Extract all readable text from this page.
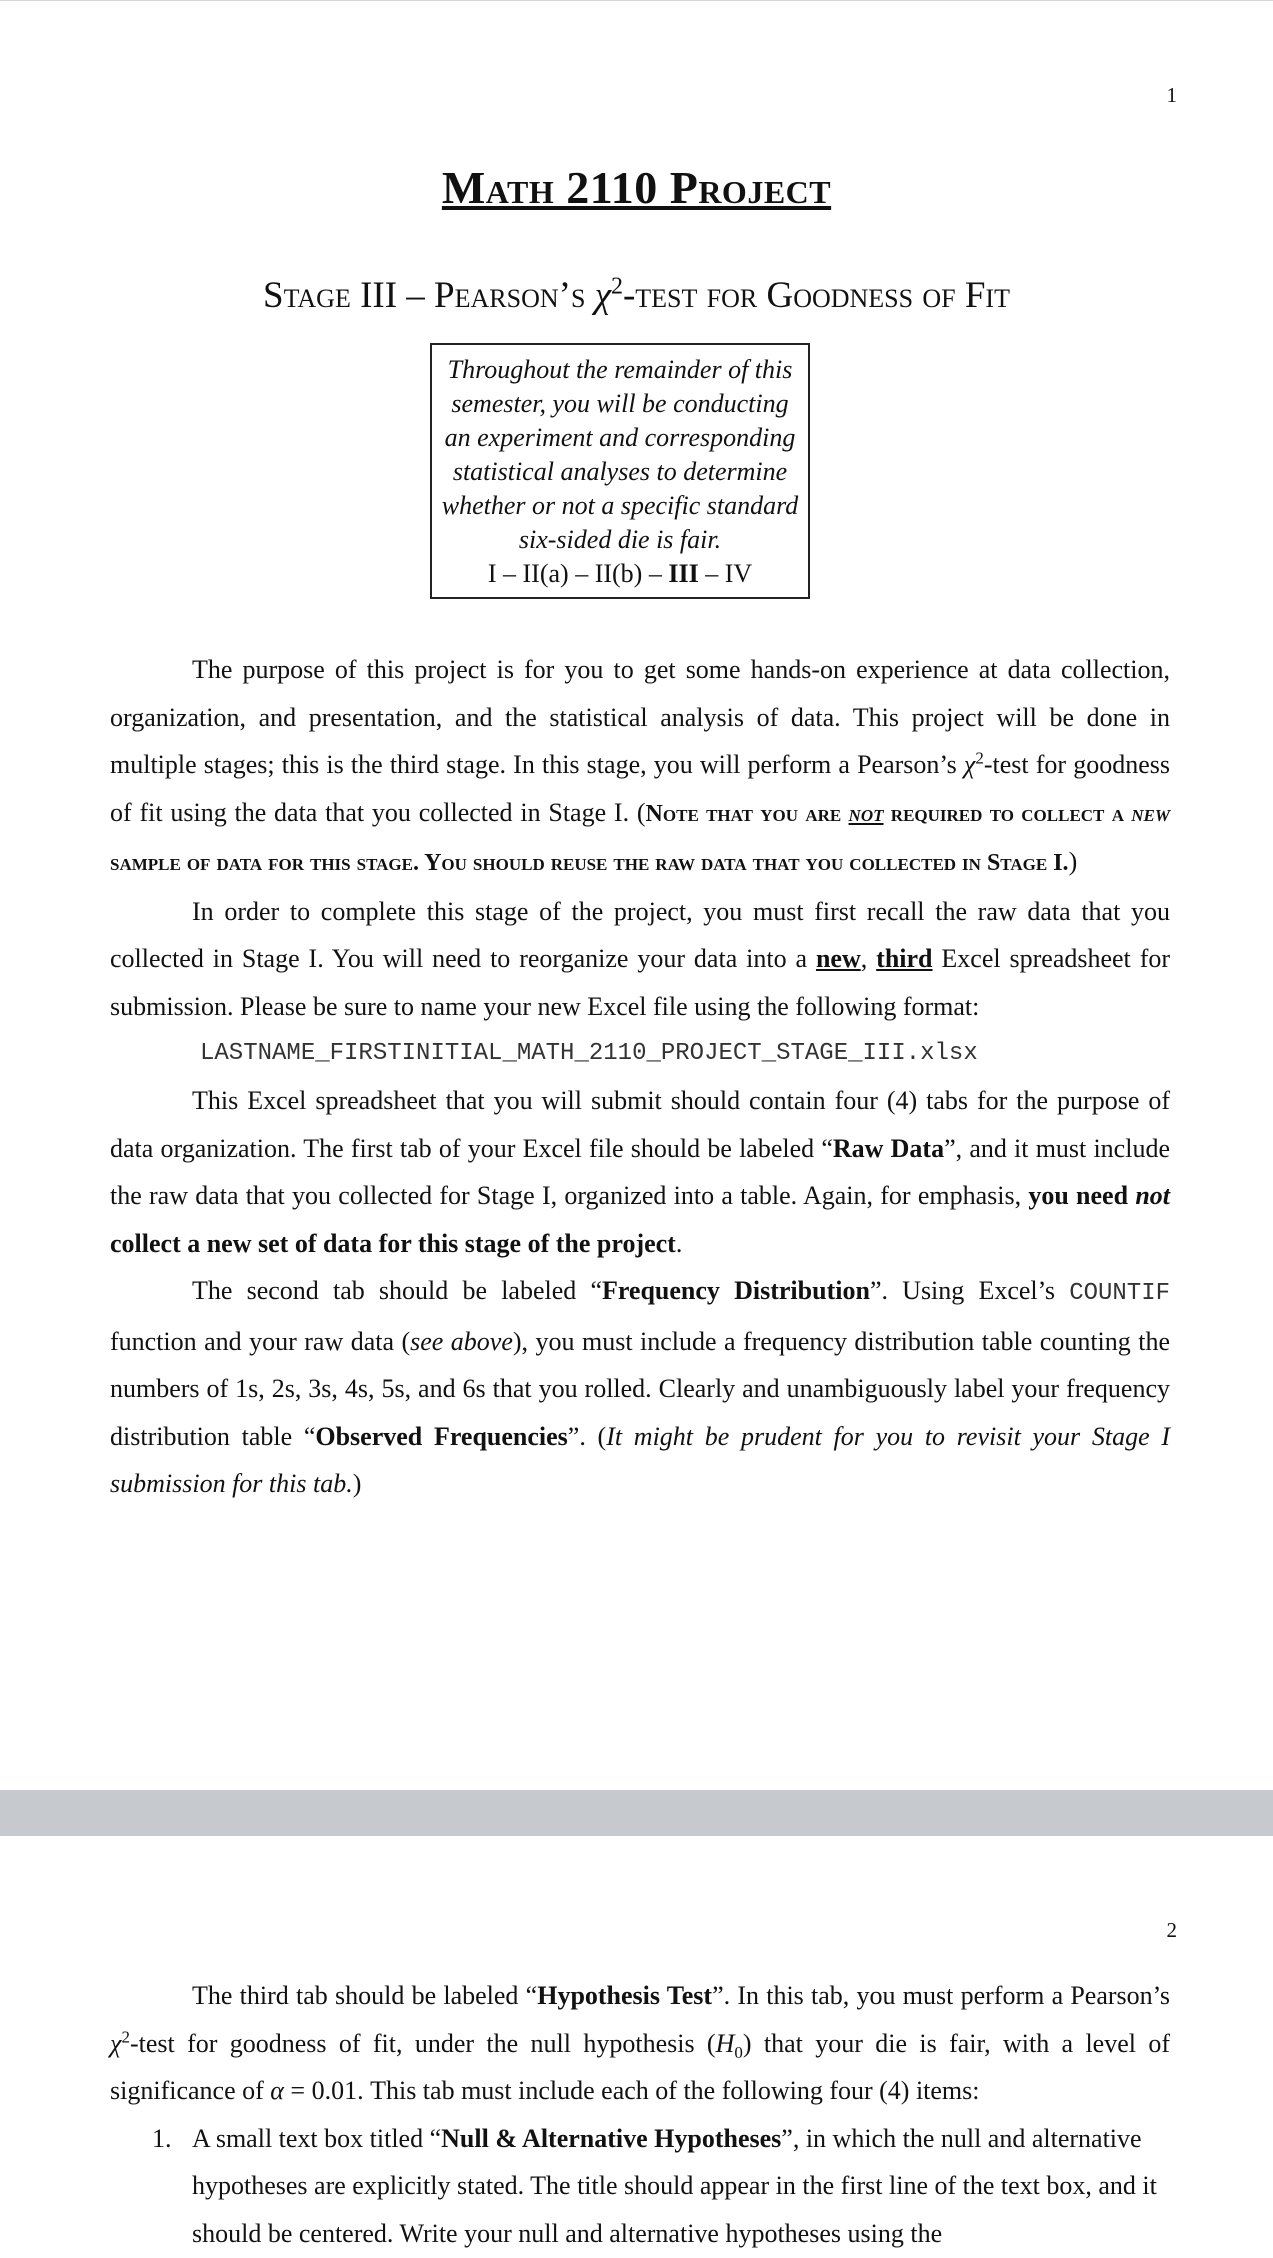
1
Math 2110 Project
Stage III – Pearson’s $\chi^2$-test for Goodness of Fit
Throughout the remainder of this
semester, you will be conducting
an experiment and corresponding
statistical analyses to determine
whether or not a specific standard
six-sided die is fair.
I – II(a) – II(b) – III – IV

The purpose of this project is for you to get some hands-on experience at data collection, organization, and presentation, and the statistical analysis of data. This project will be done in multiple stages; this is the third stage. In this stage, you will perform a Pearson’s $\chi^2$-test for goodness of fit using the data that you collected in Stage I. (Note that you are not required to collect a new sample of data for this stage. You should reuse the raw data that you collected in Stage I.)

In order to complete this stage of the project, you must first recall the raw data that you collected in Stage I. You will need to reorganize your data into a new, third Excel spreadsheet for submission. Please be sure to name your new Excel file using the following format:

LASTNAME_FIRSTINITIAL_MATH_2110_PROJECT_STAGE_III.xlsx

This Excel spreadsheet that you will submit should contain four (4) tabs for the purpose of data organization. The first tab of your Excel file should be labeled “Raw Data”, and it must include the raw data that you collected for Stage I, organized into a table. Again, for emphasis, you need not collect a new set of data for this stage of the project.

The second tab should be labeled “Frequency Distribution”. Using Excel’s COUNTIF function and your raw data (see above), you must include a frequency distribution table counting the numbers of 1s, 2s, 3s, 4s, 5s, and 6s that you rolled. Clearly and unambiguously label your frequency distribution table “Observed Frequencies”. (It might be prudent for you to revisit your Stage I submission for this tab.)

2

The third tab should be labeled “Hypothesis Test”. In this tab, you must perform a Pearson’s $\chi^2$-test for goodness of fit, under the null hypothesis $(H_0)$ that your die is fair, with a level of significance of α = 0.01. This tab must include each of the following four (4) items:

1. A small text box titled “Null & Alternative Hypotheses”, in which the null and alternative hypotheses are explicitly stated. The title should appear in the first line of the text box, and it should be centered. Write your null and alternative hypotheses using the
